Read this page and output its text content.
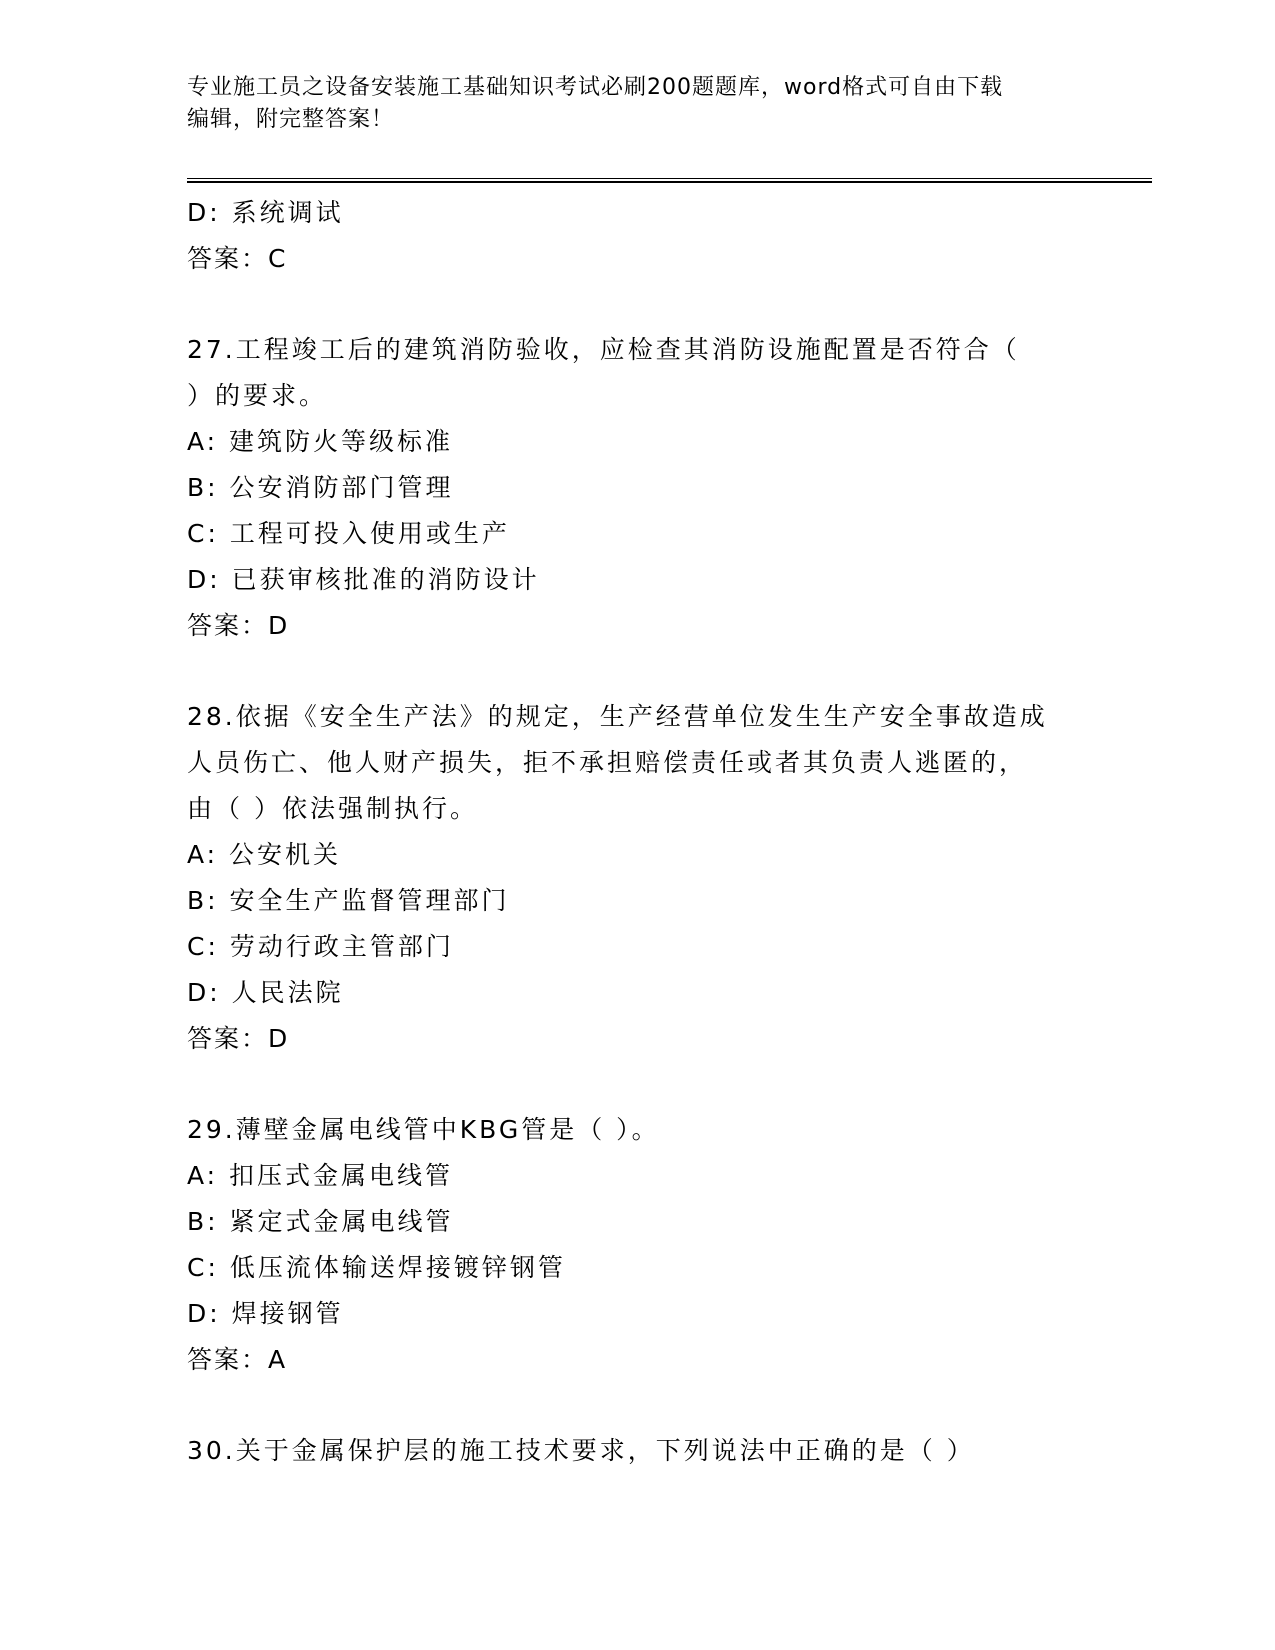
专业施工员之设备安装施工基础知识考试必刷200题题库，word格式可自由下载
编辑，附完整答案！
D: 系统调试
答案：C
27.工程竣工后的建筑消防验收，应检查其消防设施配置是否符合（
）的要求。
A: 建筑防火等级标准
B: 公安消防部门管理
C: 工程可投入使用或生产
D: 已获审核批准的消防设计
答案：D
28.依据《安全生产法》的规定，生产经营单位发生生产安全事故造成
人员伤亡、他人财产损失，拒不承担赔偿责任或者其负责人逃匿的，
由（ ）依法强制执行。
A: 公安机关
B: 安全生产监督管理部门
C: 劳动行政主管部门
D: 人民法院
答案：D
29.薄壁金属电线管中KBG管是（ ）。
A: 扣压式金属电线管
B: 紧定式金属电线管
C: 低压流体输送焊接镀锌钢管
D: 焊接钢管
答案：A
30.关于金属保护层的施工技术要求，下列说法中正确的是（ ）
